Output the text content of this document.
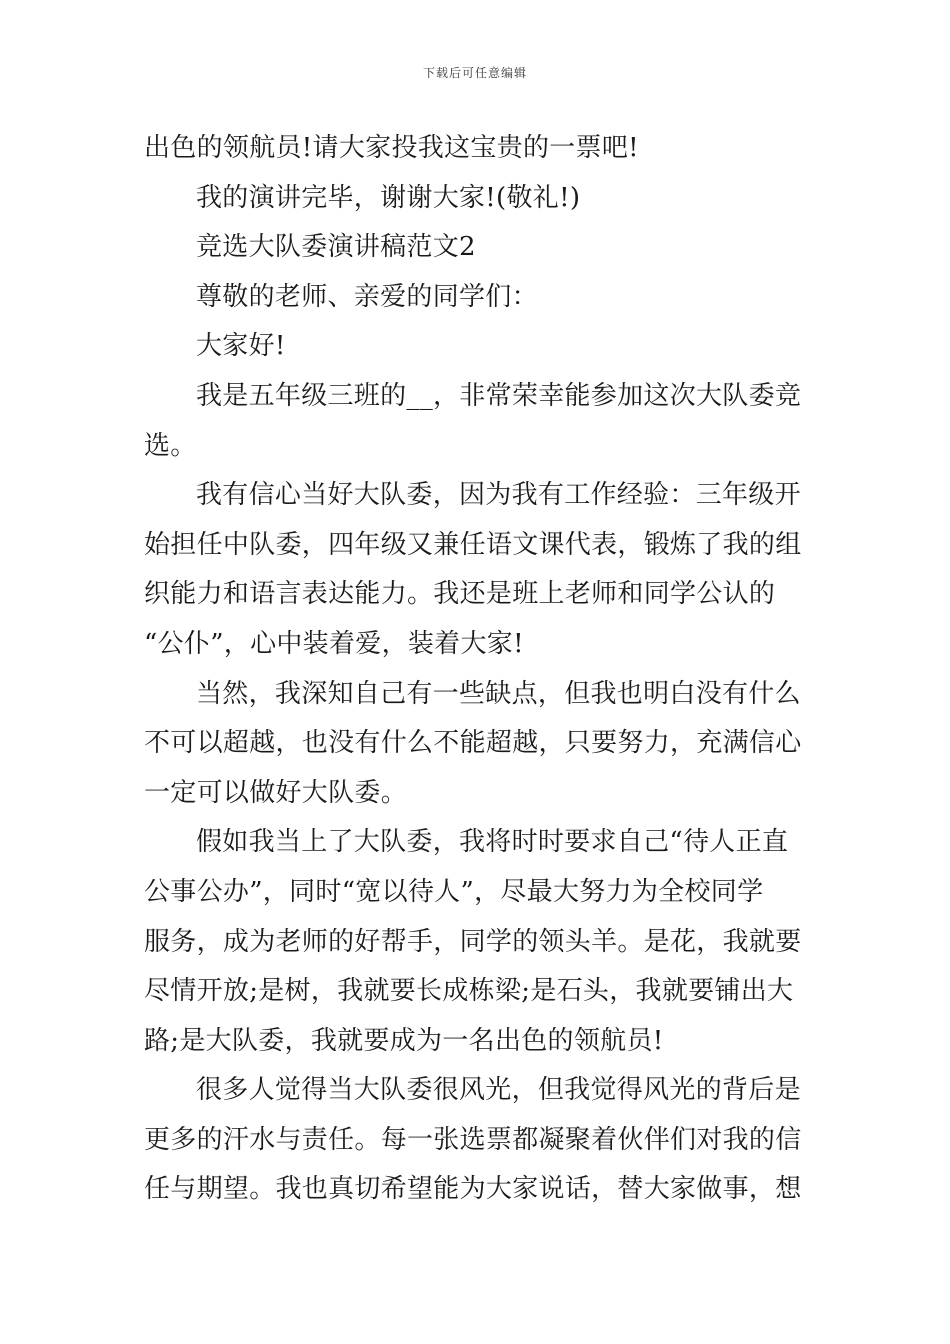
下载后可任意编辑
出色的领航员!请大家投我这宝贵的一票吧!
我的演讲完毕，谢谢大家!(敬礼!)
竞选大队委演讲稿范文2
尊敬的老师、亲爱的同学们：
大家好!
我是五年级三班的__，非常荣幸能参加这次大队委竞
选。
我有信心当好大队委，因为我有工作经验：三年级开
始担任中队委，四年级又兼任语文课代表，锻炼了我的组
织能力和语言表达能力。我还是班上老师和同学公认的
“公仆”，心中装着爱，装着大家!
当然，我深知自己有一些缺点，但我也明白没有什么
不可以超越，也没有什么不能超越，只要努力，充满信心
一定可以做好大队委。
假如我当上了大队委，我将时时要求自己“待人正直
公事公办”，同时“宽以待人”，尽最大努力为全校同学
服务，成为老师的好帮手，同学的领头羊。是花，我就要
尽情开放;是树，我就要长成栋梁;是石头，我就要铺出大
路;是大队委，我就要成为一名出色的领航员!
很多人觉得当大队委很风光，但我觉得风光的背后是
更多的汗水与责任。每一张选票都凝聚着伙伴们对我的信
任与期望。我也真切希望能为大家说话，替大家做事，想
